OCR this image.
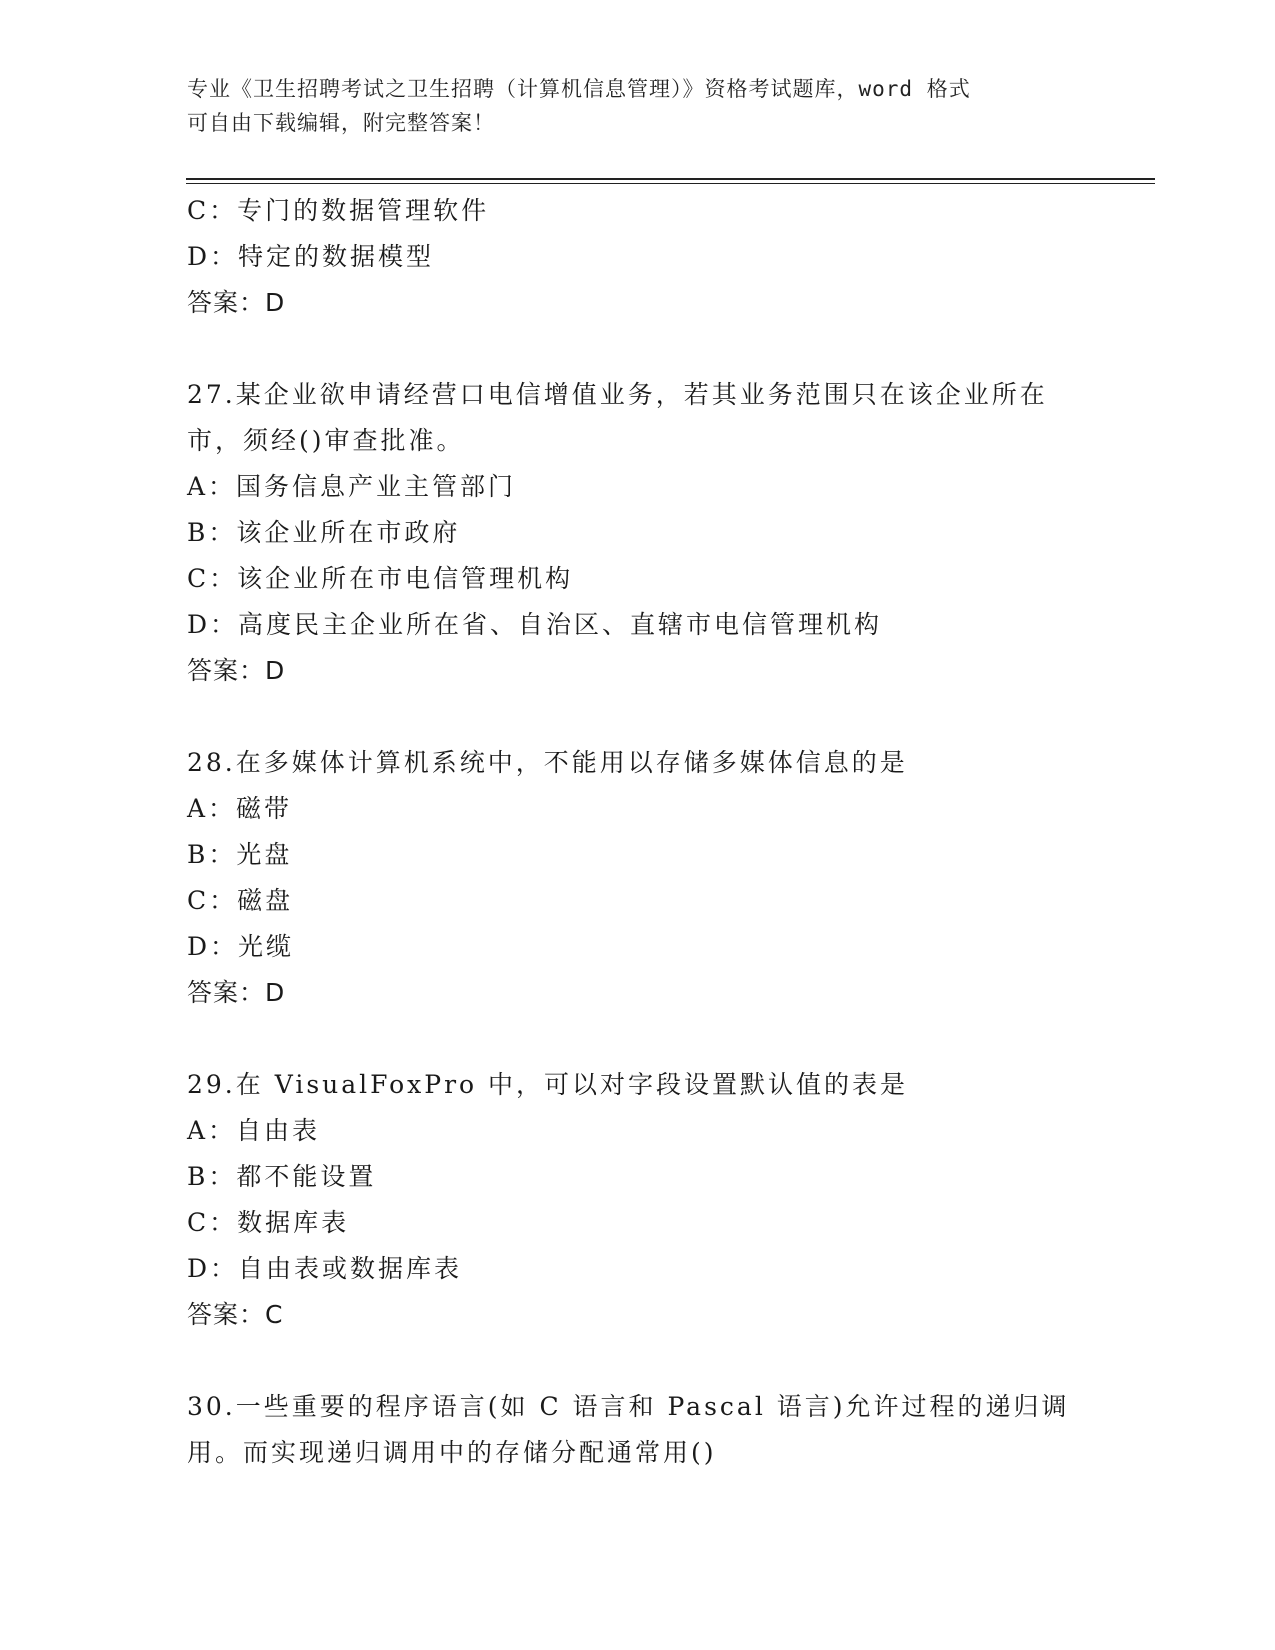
专业《卫生招聘考试之卫生招聘（计算机信息管理）》资格考试题库，word 格式
可自由下载编辑，附完整答案！
C：专门的数据管理软件
D：特定的数据模型
答案：D
27.某企业欲申请经营口电信增值业务，若其业务范围只在该企业所在
市，须经()审查批准。
A：国务信息产业主管部门
B：该企业所在市政府
C：该企业所在市电信管理机构
D：高度民主企业所在省、自治区、直辖市电信管理机构
答案：D
28.在多媒体计算机系统中，不能用以存储多媒体信息的是
A：磁带
B：光盘
C：磁盘
D：光缆
答案：D
29.在 VisualFoxPro 中，可以对字段设置默认值的表是
A：自由表
B：都不能设置
C：数据库表
D：自由表或数据库表
答案：C
30.一些重要的程序语言(如 C 语言和 Pascal 语言)允许过程的递归调
用。而实现递归调用中的存储分配通常用()
